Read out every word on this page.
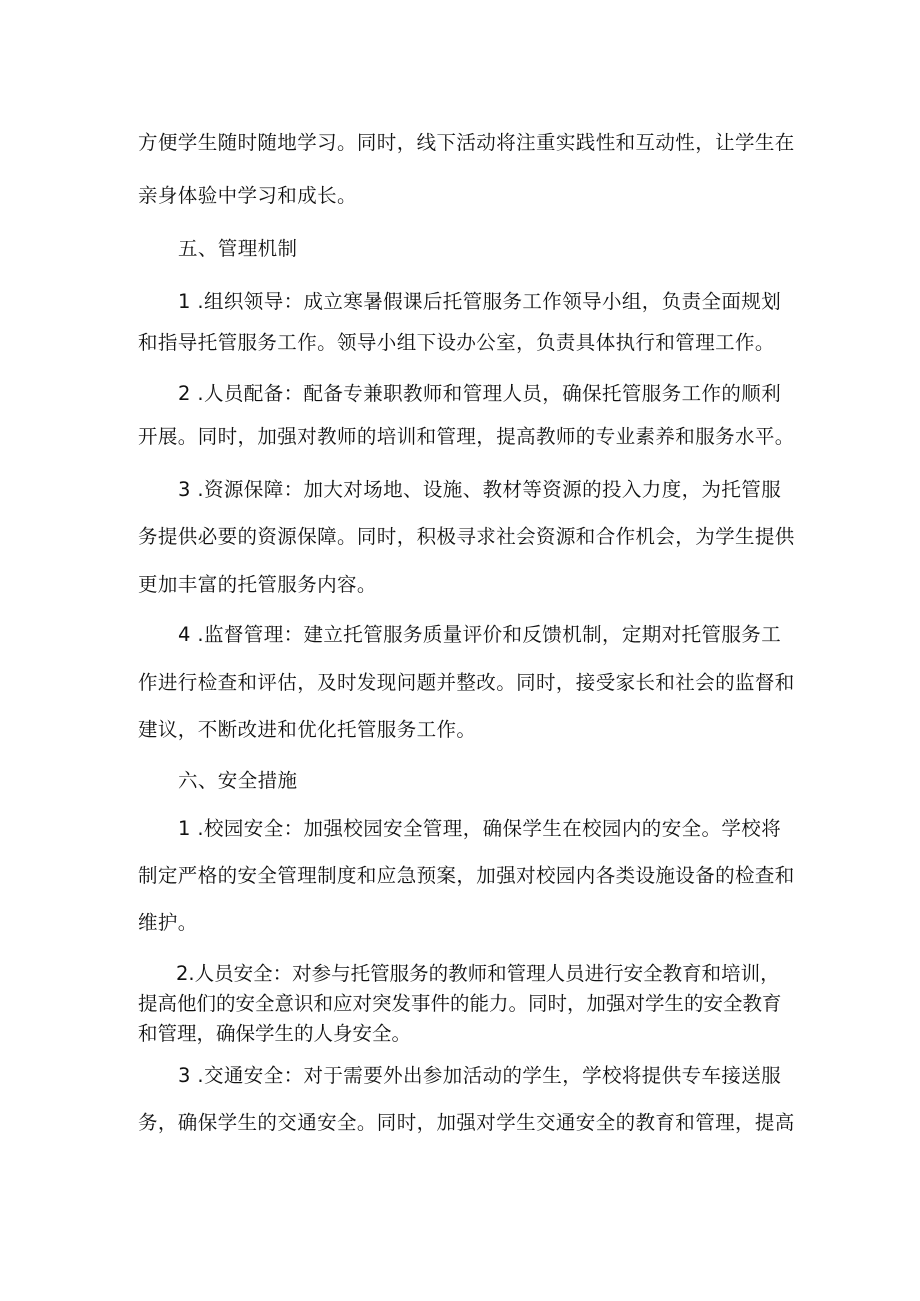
方便学生随时随地学习。同时，线下活动将注重实践性和互动性，让学生在
亲身体验中学习和成长。
五、管理机制
1 .组织领导：成立寒暑假课后托管服务工作领导小组，负责全面规划
和指导托管服务工作。领导小组下设办公室，负责具体执行和管理工作。
2 .人员配备：配备专兼职教师和管理人员，确保托管服务工作的顺利
开展。同时，加强对教师的培训和管理，提高教师的专业素养和服务水平。
3 .资源保障：加大对场地、设施、教材等资源的投入力度，为托管服
务提供必要的资源保障。同时，积极寻求社会资源和合作机会，为学生提供
更加丰富的托管服务内容。
4 .监督管理：建立托管服务质量评价和反馈机制，定期对托管服务工
作进行检查和评估，及时发现问题并整改。同时，接受家长和社会的监督和
建议，不断改进和优化托管服务工作。
六、安全措施
1 .校园安全：加强校园安全管理，确保学生在校园内的安全。学校将
制定严格的安全管理制度和应急预案，加强对校园内各类设施设备的检查和
维护。
2.人员安全：对参与托管服务的教师和管理人员进行安全教育和培训，
提高他们的安全意识和应对突发事件的能力。同时，加强对学生的安全教育
和管理，确保学生的人身安全。
3 .交通安全：对于需要外出参加活动的学生，学校将提供专车接送服
务，确保学生的交通安全。同时，加强对学生交通安全的教育和管理，提高
